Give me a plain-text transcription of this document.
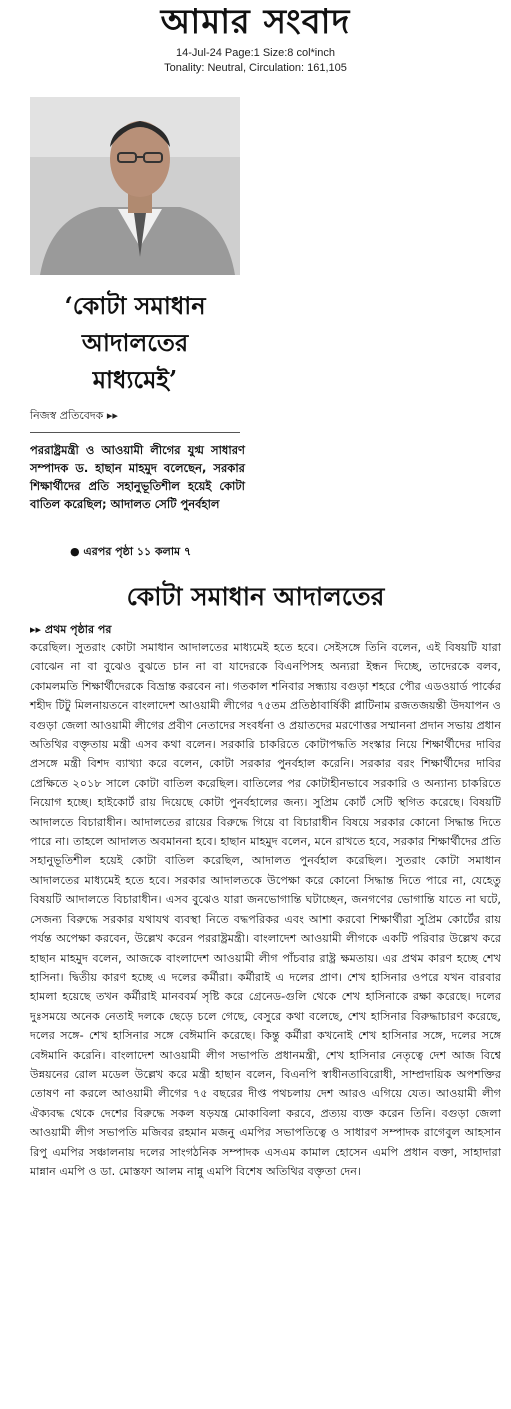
আমার সংবাদ
14-Jul-24 Page:1 Size:8 col*inch
Tonality: Neutral, Circulation: 161,105
‘কোটা সমাধান
আদালতের
মাধ্যমেই’
নিজস্ব প্রতিবেদক ▸▸
পররাষ্ট্রমন্ত্রী ও আওয়ামী লীগের যুগ্ম সাধারণ সম্পাদক ড. হাছান মাহমুদ বলেছেন, সরকার শিক্ষার্থীদের প্রতি সহানুভূতিশীল হয়েই কোটা বাতিল করেছিল; আদালত সেটি পুনর্বহাল
● এরপর পৃষ্ঠা ১১ কলাম ৭
কোটা সমাধান আদালতের
▸▸ প্রথম পৃষ্ঠার পর

করেছিল। সুতরাং কোটা সমাধান আদালতের মাধ্যমেই হতে হবে। সেইসঙ্গে তিনি বলেন, এই বিষয়টি যারা বোঝেন না বা বুঝেও বুঝতে চান না বা যাদেরকে বিএনপিসহ অন্যরা ইন্ধন দিচ্ছে, তাদেরকে বলব, কোমলমতি শিক্ষার্থীদেরকে বিভ্রান্ত করবেন না। গতকাল শনিবার সন্ধ্যায় বগুড়া শহরে পৌর এডওয়ার্ড পার্কের শহীদ টিটু মিলনায়তনে বাংলাদেশ আওয়ামী লীগের ৭৫তম প্রতিষ্ঠাবার্ষিকী প্লাটিনাম রজতজয়ন্তী উদযাপন ও বগুড়া জেলা আওয়ামী লীগের প্রবীণ নেতাদের সংবর্ধনা ও প্রয়াতদের মরণোত্তর সম্মাননা প্রদান সভায় প্রধান অতিথির বক্তৃতায় মন্ত্রী এসব কথা বলেন। সরকারি চাকরিতে কোটাপদ্ধতি সংস্কার নিয়ে শিক্ষার্থীদের দাবির প্রসঙ্গে মন্ত্রী বিশদ ব্যাখ্যা করে বলেন, কোটা সরকার পুনর্বহাল করেনি। সরকার বরং শিক্ষার্থীদের দাবির প্রেক্ষিতে ২০১৮ সালে কোটা বাতিল করেছিল। বাতিলের পর কোটাহীনভাবে সরকারি ও অন্যান্য চাকরিতে নিয়োগ হচ্ছে। হাইকোর্ট রায় দিয়েছে কোটা পুনর্বহালের জন্য। সুপ্রিম কোর্ট সেটি স্থগিত করেছে। বিষয়টি আদালতে বিচারাধীন। আদালতের রায়ের বিরুদ্ধে গিয়ে বা বিচারাধীন বিষয়ে সরকার কোনো সিদ্ধান্ত দিতে পারে না। তাহলে আদালত অবমাননা হবে। হাছান মাহমুদ বলেন, মনে রাখতে হবে, সরকার শিক্ষার্থীদের প্রতি সহানুভূতিশীল হয়েই কোটা বাতিল করেছিল, আদালত পুনর্বহাল করেছিল। সুতরাং কোটা সমাধান আদালতের মাধ্যমেই হতে হবে। সরকার আদালতকে উপেক্ষা করে কোনো সিদ্ধান্ত দিতে পারে না, যেহেতু বিষয়টি আদালতে বিচারাধীন। এসব বুঝেও যারা জনভোগান্তি ঘটাচ্ছেন, জনগণের ভোগান্তি যাতে না ঘটে, সেজন্য বিরুদ্ধে সরকার যথাযথ ব্যবস্থা নিতে বদ্ধপরিকর এবং আশা করবো শিক্ষার্থীরা সুপ্রিম কোর্টের রায় পর্যন্ত অপেক্ষা করবেন, উল্লেখ করেন পররাষ্ট্রমন্ত্রী। বাংলাদেশ আওয়ামী লীগকে একটি পরিবার উল্লেখ করে হাছান মাহমুদ বলেন, আজকে বাংলাদেশ আওয়ামী লীগ পাঁচবার রাষ্ট্র ক্ষমতায়। এর প্রথম কারণ হচ্ছে শেখ হাসিনা। দ্বিতীয় কারণ হচ্ছে এ দলের কর্মীরা। কর্মীরাই এ দলের প্রাণ। শেখ হাসিনার ওপরে যখন বারবার হামলা হয়েছে তখন কর্মীরাই মানববর্ম সৃষ্টি করে গ্রেনেড-গুলি থেকে শেখ হাসিনাকে রক্ষা করেছে। দলের দুঃসময়ে অনেক নেতাই দলকে ছেড়ে চলে গেছে, বেসুরে কথা বলেছে, শেখ হাসিনার বিরুদ্ধাচারণ করেছে, দলের সঙ্গে- শেখ হাসিনার সঙ্গে বেঈমানি করেছে। কিন্তু কর্মীরা কখনোই শেখ হাসিনার সঙ্গে, দলের সঙ্গে বেঈমানি করেনি। বাংলাদেশ আওয়ামী লীগ সভাপতি প্রধানমন্ত্রী, শেখ হাসিনার নেতৃত্বে দেশ আজ বিশ্বে উন্নয়নের রোল মডেল উল্লেখ করে মন্ত্রী হাছান বলেন, বিএনপি স্বাধীনতাবিরোধী, সাম্প্রদায়িক অপশক্তির তোষণ না করলে আওয়ামী লীগের ৭৫ বছরের দীপ্ত পথচলায় দেশ আরও এগিয়ে যেত। আওয়ামী লীগ ঐক্যবদ্ধ থেকে দেশের বিরুদ্ধে সকল ষড়যন্ত্র মোকাবিলা করবে, প্রত্যয় ব্যক্ত করেন তিনি। বগুড়া জেলা আওয়ামী লীগ সভাপতি মজিবর রহমান মজনু এমপির সভাপতিত্বে ও সাধারণ সম্পাদক রাগেবুল আহসান রিপু এমপির সঞ্চালনায় দলের সাংগঠনিক সম্পাদক এসএম কামাল হোসেন এমপি প্রধান বক্তা, সাহাদারা মান্নান এমপি ও ডা. মোস্তফা আলম নান্নু এমপি বিশেষ অতিথির বক্তৃতা দেন।
